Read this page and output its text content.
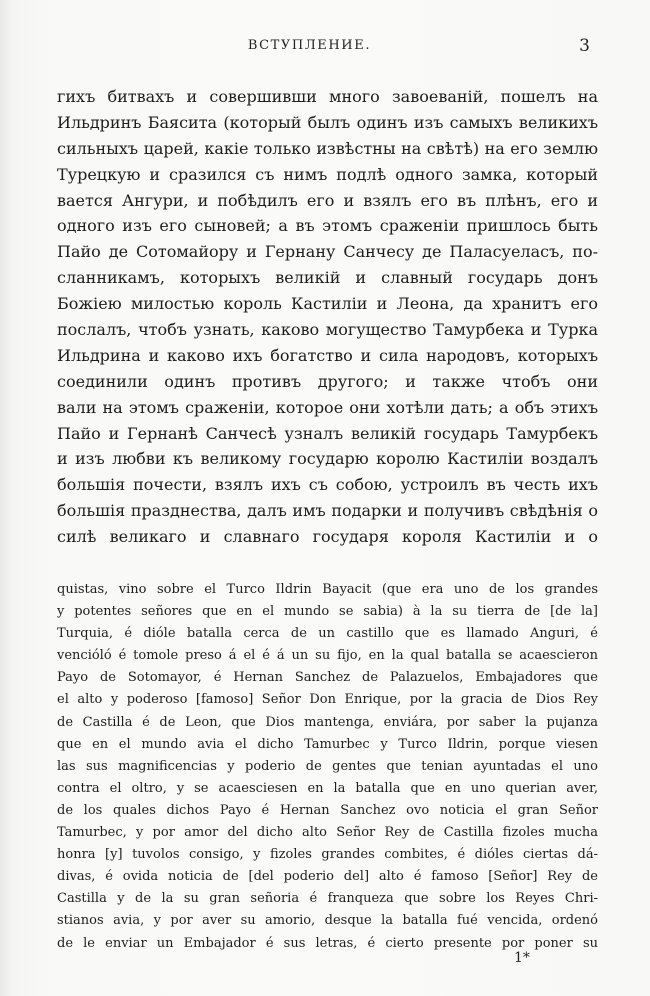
ВСТУПЛЕНИЕ.	3
гихъ битвахъ и совершивши много завоеваній, пошелъ на
Ильдринъ Баясита (который былъ одинъ изъ самыхъ великихъ
сильныхъ царей, какіе только извѣстны на свѣтѣ) на его землю
Турецкую и сразился съ нимъ подлѣ одного замка, который
вается Ангури, и побѣдилъ его и взялъ его въ плѣнъ, его и
одного изъ его сыновей; а въ этомъ сраженіи пришлось быть
Пайо де Сотомайору и Гернану Санчесу де Паласуеласъ, по-
сланникамъ, которыхъ великій и славный государь донъ
Божіею милостью король Кастиліи и Леона, да хранитъ его
послалъ, чтобъ узнать, каково могущество Тамурбека и Турка
Ильдрина и каково ихъ богатство и сила народовъ, которыхъ
соединили одинъ противъ другого; и также чтобъ они
вали на этомъ сраженіи, которое они хотѣли дать; а объ этихъ
Пайо и Гернанѣ Санчесѣ узналъ великій государь Тамурбекъ
и изъ любви къ великому государю королю Кастиліи воздалъ
большія почести, взялъ ихъ съ собою, устроилъ въ честь ихъ
большія празднества, далъ имъ подарки и получивъ свѣдѣнія о
силѣ великаго и славнаго государя короля Кастиліи и о
quistas, vino sobre el Turco Ildrin Bayacit (que era uno de los grandes
y potentes señores que en el mundo se sabia) à la su tierra de [de la]
Turquia, é dióle batalla cerca de un castillo que es llamado Anguri, é
vencióló é tomole preso á el é á un su fijo, en la qual batalla se acaescieron
Payo de Sotomayor, é Hernan Sanchez de Palazuelos, Embajadores que
el alto y poderoso [famoso] Señor Don Enrique, por la gracia de Dios Rey
de Castilla é de Leon, que Dios mantenga, enviára, por saber la pujanza
que en el mundo avia el dicho Tamurbec y Turco Ildrin, porque viesen
las sus magnificencias y poderio de gentes que tenian ayuntadas el uno
contra el oltro, y se acaesciesen en la batalla que en uno querian aver,
de los quales dichos Payo é Hernan Sanchez ovo noticia el gran Señor
Tamurbec, y por amor del dicho alto Señor Rey de Castilla fizoles mucha
honra [y] tuvolos consigo, y fizoles grandes combites, é dióles ciertas dá-
divas, é ovida noticia de [del poderio del] alto é famoso [Señor] Rey de
Castilla y de la su gran señoria é franqueza que sobre los Reyes Chri-
stianos avia, y por aver su amorio, desque la batalla fué vencida, ordenó
de le enviar un Embajador é sus letras, é cierto presente por poner su
1*
